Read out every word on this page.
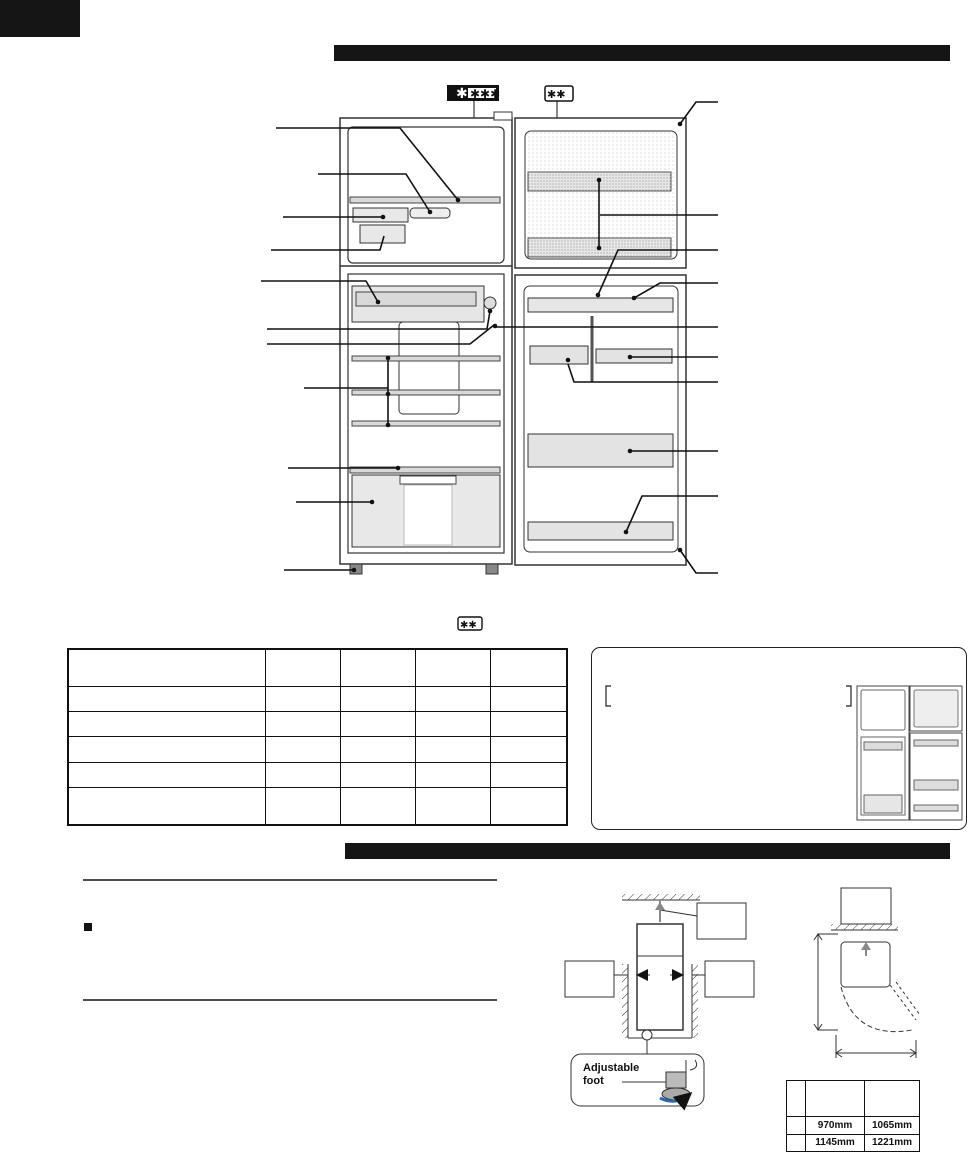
✱ ✱✱✱	✱✱
✱✱

Adjustable
foot

	970mm	1065mm
	1145mm	1221mm
